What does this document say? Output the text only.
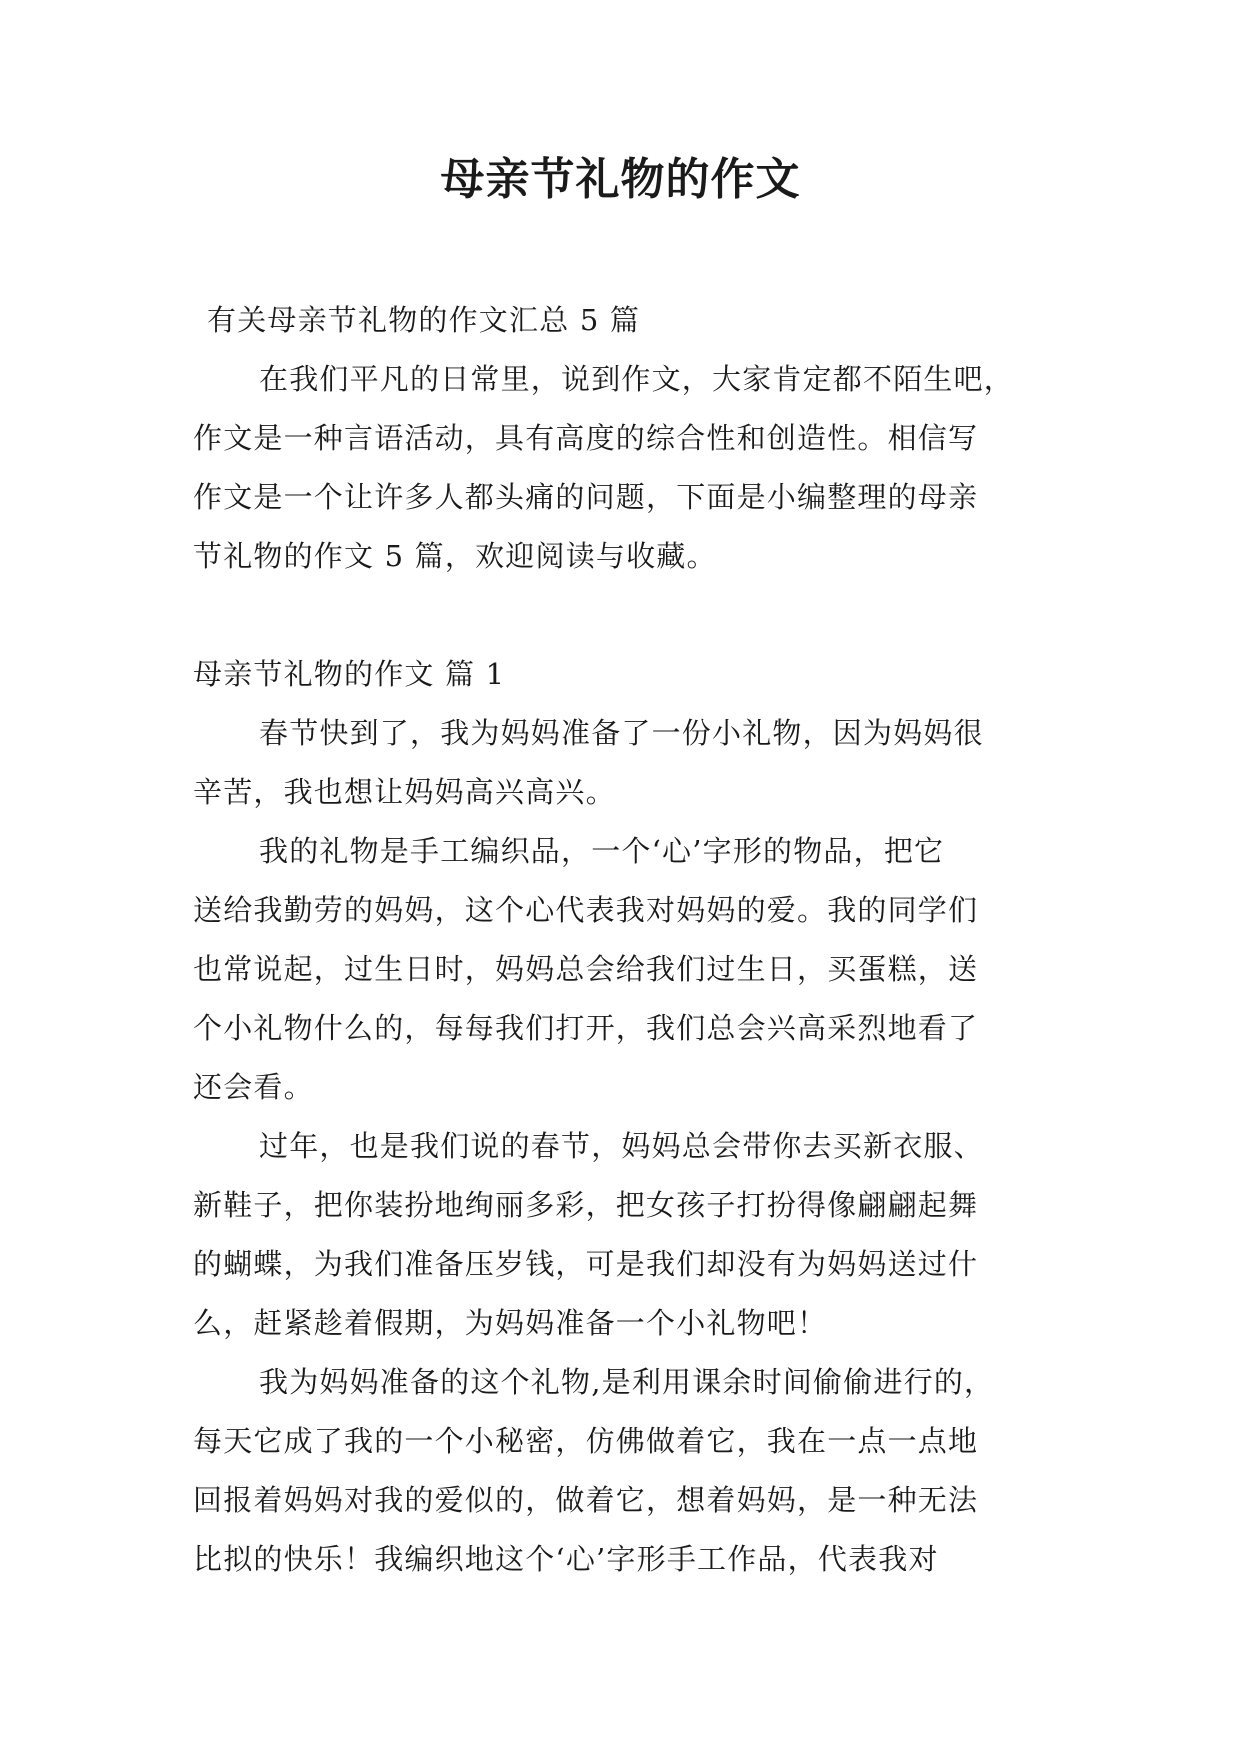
母亲节礼物的作文
有关母亲节礼物的作文汇总 5 篇
在我们平凡的日常里，说到作文，大家肯定都不陌生吧，
作文是一种言语活动，具有高度的综合性和创造性。相信写
作文是一个让许多人都头痛的问题，下面是小编整理的母亲
节礼物的作文 5 篇，欢迎阅读与收藏。
母亲节礼物的作文 篇 1
春节快到了，我为妈妈准备了一份小礼物，因为妈妈很
辛苦，我也想让妈妈高兴高兴。
我的礼物是手工编织品，一个‘心’字形的物品，把它
送给我勤劳的妈妈，这个心代表我对妈妈的爱。我的同学们
也常说起，过生日时，妈妈总会给我们过生日，买蛋糕，送
个小礼物什么的，每每我们打开，我们总会兴高采烈地看了
还会看。
过年，也是我们说的春节，妈妈总会带你去买新衣服、
新鞋子，把你装扮地绚丽多彩，把女孩子打扮得像翩翩起舞
的蝴蝶，为我们准备压岁钱，可是我们却没有为妈妈送过什
么，赶紧趁着假期，为妈妈准备一个小礼物吧！
我为妈妈准备的这个礼物,是利用课余时间偷偷进行的，
每天它成了我的一个小秘密，仿佛做着它，我在一点一点地
回报着妈妈对我的爱似的，做着它，想着妈妈，是一种无法
比拟的快乐！我编织地这个‘心’字形手工作品，代表我对
